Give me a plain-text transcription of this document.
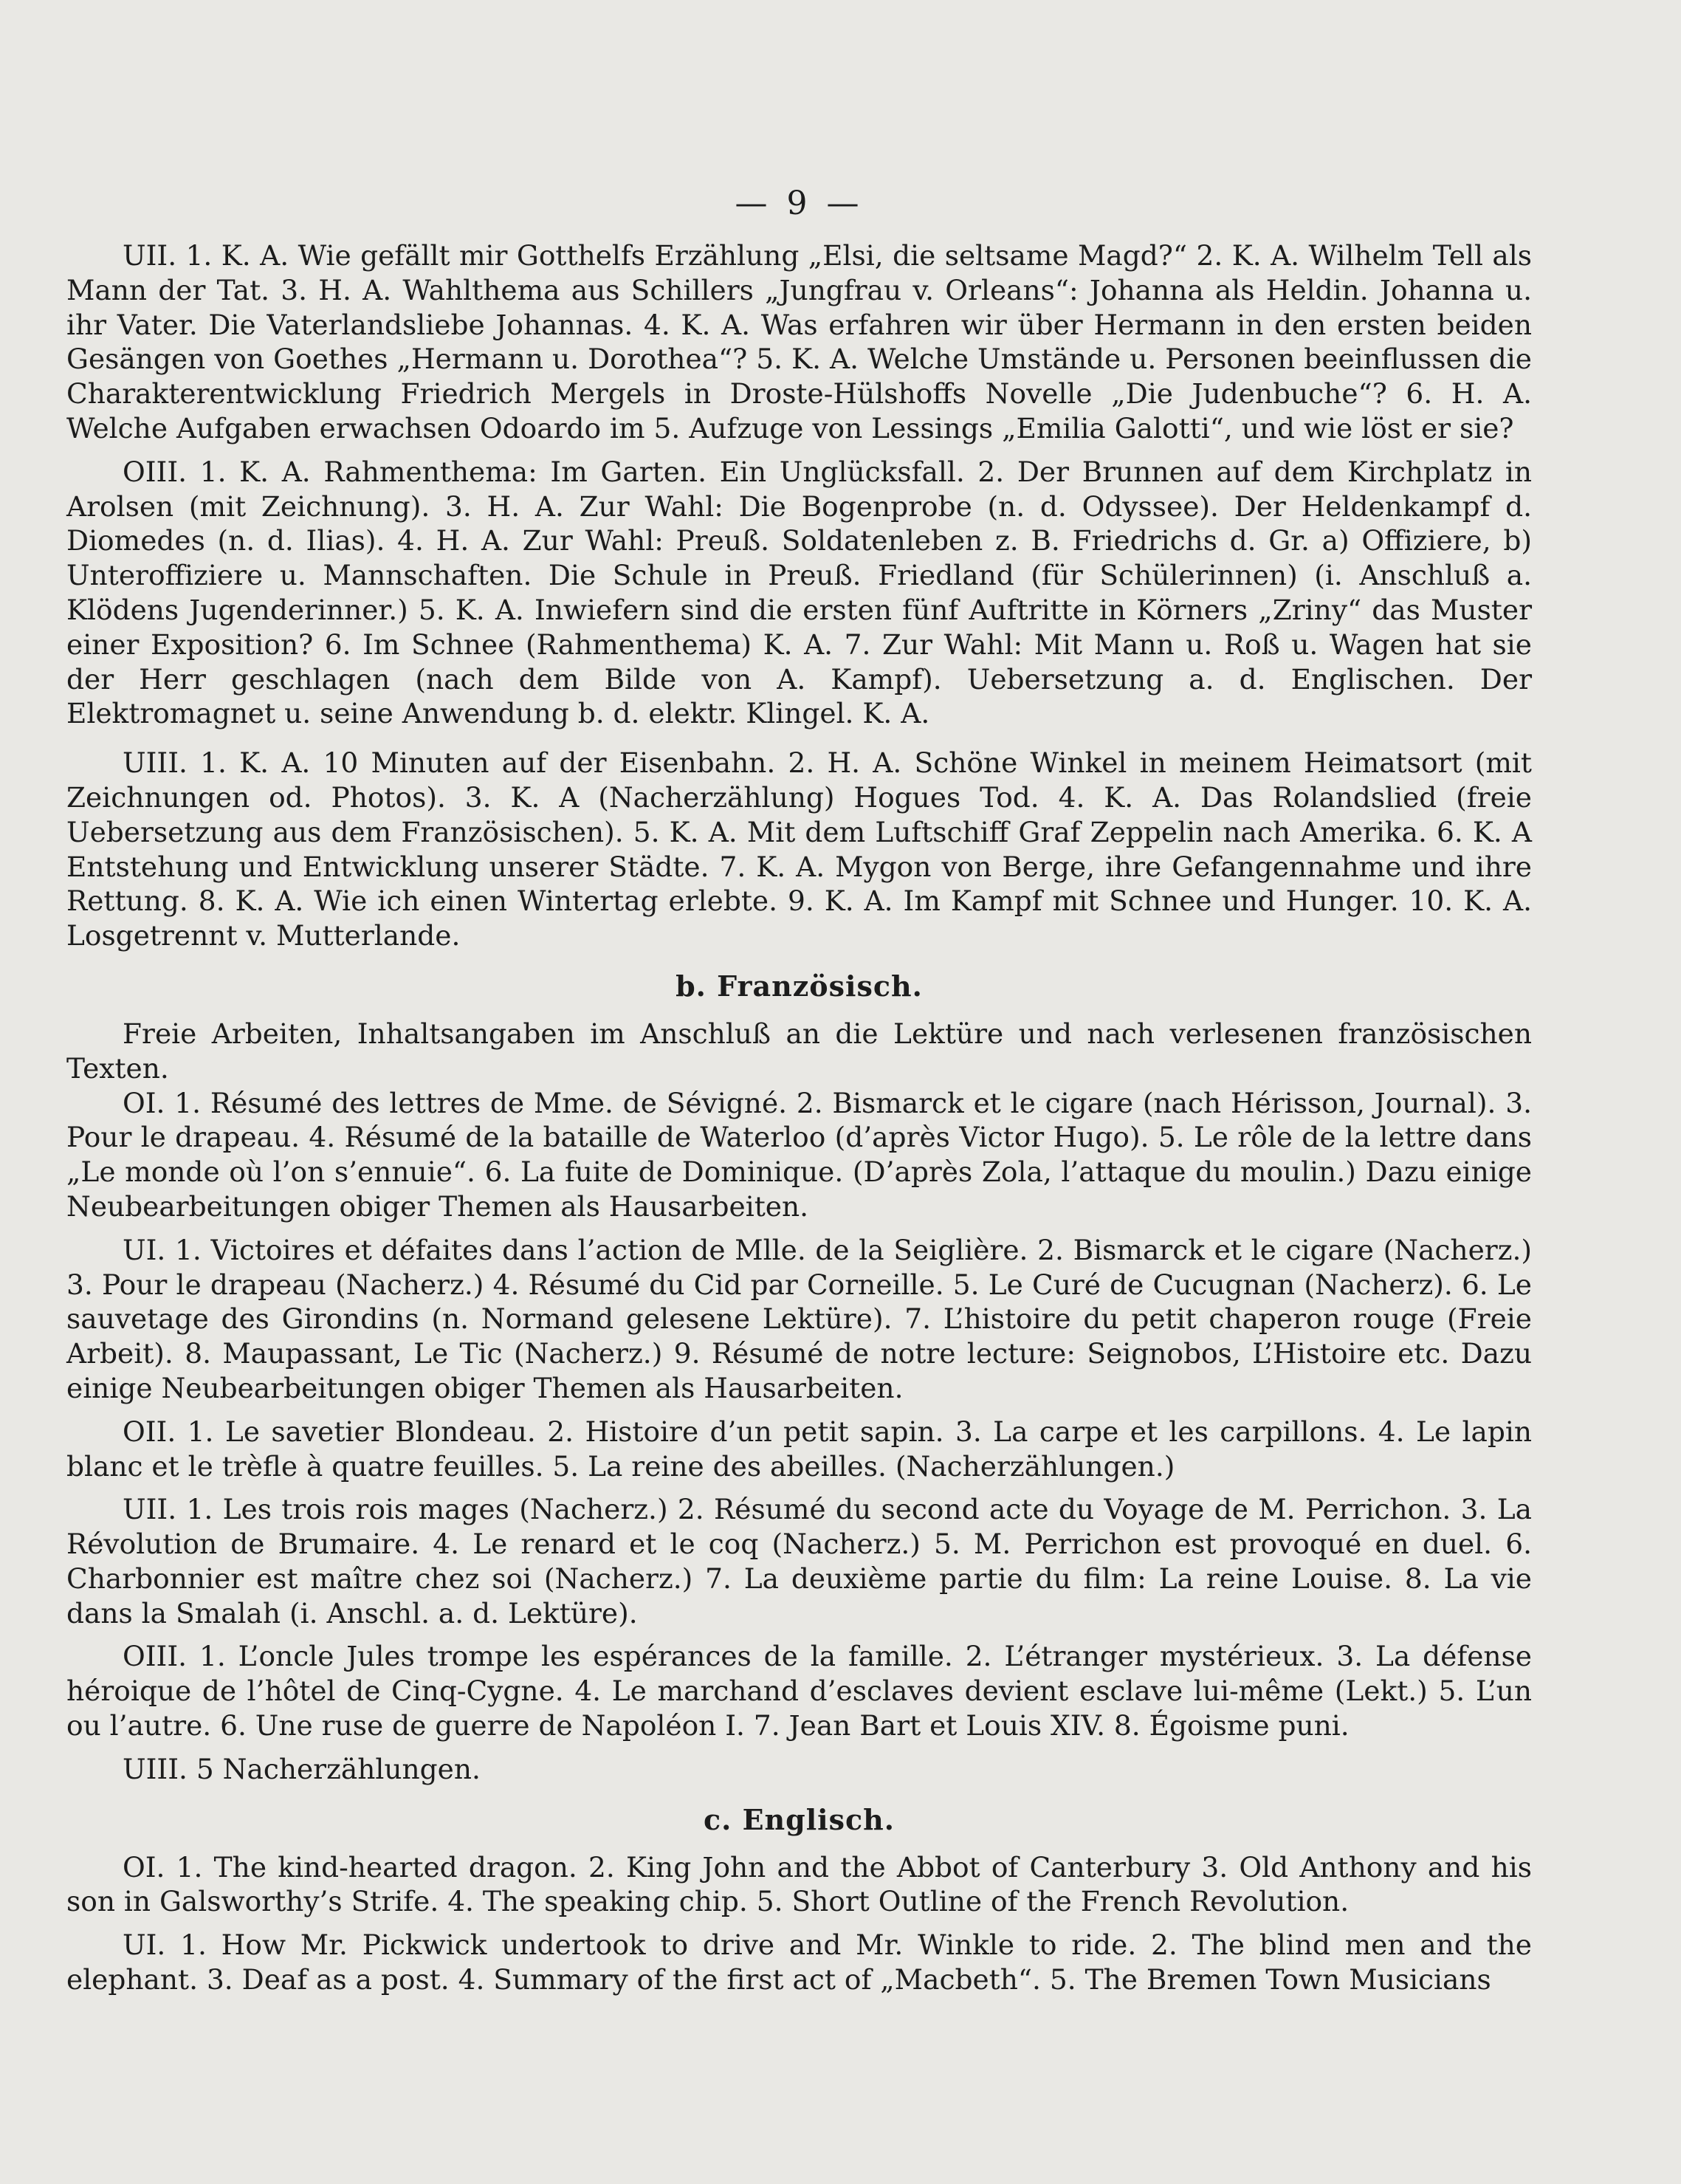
— 9 —

UII. 1. K. A. Wie gefällt mir Gotthelfs Erzählung „Elsi, die seltsame Magd?“ 2. K. A. Wilhelm Tell als Mann der Tat. 3. H. A. Wahlthema aus Schillers „Jungfrau v. Orleans“: Johanna als Heldin. Johanna u. ihr Vater. Die Vaterlandsliebe Johannas. 4. K. A. Was erfahren wir über Hermann in den ersten beiden Gesängen von Goethes „Hermann u. Dorothea“? 5. K. A. Welche Umstände u. Personen beeinflussen die Charakterentwicklung Friedrich Mergels in Droste-Hülshoffs Novelle „Die Judenbuche“? 6. H. A. Welche Aufgaben erwachsen Odoardo im 5. Aufzuge von Lessings „Emilia Galotti“, und wie löst er sie?

OIII. 1. K. A. Rahmenthema: Im Garten. Ein Unglücksfall. 2. Der Brunnen auf dem Kirchplatz in Arolsen (mit Zeichnung). 3. H. A. Zur Wahl: Die Bogenprobe (n. d. Odyssee). Der Heldenkampf d. Diomedes (n. d. Ilias). 4. H. A. Zur Wahl: Preuß. Soldatenleben z. B. Friedrichs d. Gr. a) Offiziere, b) Unteroffiziere u. Mannschaften. Die Schule in Preuß. Friedland (für Schülerinnen) (i. Anschluß a. Klödens Jugenderinner.) 5. K. A. Inwiefern sind die ersten fünf Auftritte in Körners „Zriny“ das Muster einer Exposition? 6. Im Schnee (Rahmenthema) K. A. 7. Zur Wahl: Mit Mann u. Roß u. Wagen hat sie der Herr geschlagen (nach dem Bilde von A. Kampf). Uebersetzung a. d. Englischen. Der Elektromagnet u. seine Anwendung b. d. elektr. Klingel. K. A.

UIII. 1. K. A. 10 Minuten auf der Eisenbahn. 2. H. A. Schöne Winkel in meinem Heimatsort (mit Zeichnungen od. Photos). 3. K. A (Nacherzählung) Hogues Tod. 4. K. A. Das Rolandslied (freie Uebersetzung aus dem Französischen). 5. K. A. Mit dem Luftschiff Graf Zeppelin nach Amerika. 6. K. A Entstehung und Entwicklung unserer Städte. 7. K. A. Mygon von Berge, ihre Gefangennahme und ihre Rettung. 8. K. A. Wie ich einen Wintertag erlebte. 9. K. A. Im Kampf mit Schnee und Hunger. 10. K. A. Losgetrennt v. Mutterlande.

b. Französisch.

Freie Arbeiten, Inhaltsangaben im Anschluß an die Lektüre und nach verlesenen französischen Texten.

OI. 1. Résumé des lettres de Mme. de Sévigné. 2. Bismarck et le cigare (nach Hérisson, Journal). 3. Pour le drapeau. 4. Résumé de la bataille de Waterloo (d’après Victor Hugo). 5. Le rôle de la lettre dans „Le monde où l’on s’ennuie“. 6. La fuite de Dominique. (D’après Zola, l’attaque du moulin.) Dazu einige Neubearbeitungen obiger Themen als Hausarbeiten.

UI. 1. Victoires et défaites dans l’action de Mlle. de la Seiglière. 2. Bismarck et le cigare (Nacherz.) 3. Pour le drapeau (Nacherz.) 4. Résumé du Cid par Corneille. 5. Le Curé de Cucugnan (Nacherz). 6. Le sauvetage des Girondins (n. Normand gelesene Lektüre). 7. L’histoire du petit chaperon rouge (Freie Arbeit). 8. Maupassant, Le Tic (Nacherz.) 9. Résumé de notre lecture: Seignobos, L’Histoire etc. Dazu einige Neubearbeitungen obiger Themen als Hausarbeiten.

OII. 1. Le savetier Blondeau. 2. Histoire d’un petit sapin. 3. La carpe et les carpillons. 4. Le lapin blanc et le trèfle à quatre feuilles. 5. La reine des abeilles. (Nacherzählungen.)

UII. 1. Les trois rois mages (Nacherz.) 2. Résumé du second acte du Voyage de M. Perrichon. 3. La Révolution de Brumaire. 4. Le renard et le coq (Nacherz.) 5. M. Perrichon est provoqué en duel. 6. Charbonnier est maître chez soi (Nacherz.) 7. La deuxième partie du film: La reine Louise. 8. La vie dans la Smalah (i. Anschl. a. d. Lektüre).

OIII. 1. L’oncle Jules trompe les espérances de la famille. 2. L’étranger mystérieux. 3. La défense héroique de l’hôtel de Cinq-Cygne. 4. Le marchand d’esclaves devient esclave lui-même (Lekt.) 5. L’un ou l’autre. 6. Une ruse de guerre de Napoléon I. 7. Jean Bart et Louis XIV. 8. Égoisme puni.

UIII. 5 Nacherzählungen.

c. Englisch.

OI. 1. The kind-hearted dragon. 2. King John and the Abbot of Canterbury 3. Old Anthony and his son in Galsworthy’s Strife. 4. The speaking chip. 5. Short Outline of the French Revolution.

UI. 1. How Mr. Pickwick undertook to drive and Mr. Winkle to ride. 2. The blind men and the elephant. 3. Deaf as a post. 4. Summary of the first act of „Macbeth“. 5. The Bremen Town Musicians
